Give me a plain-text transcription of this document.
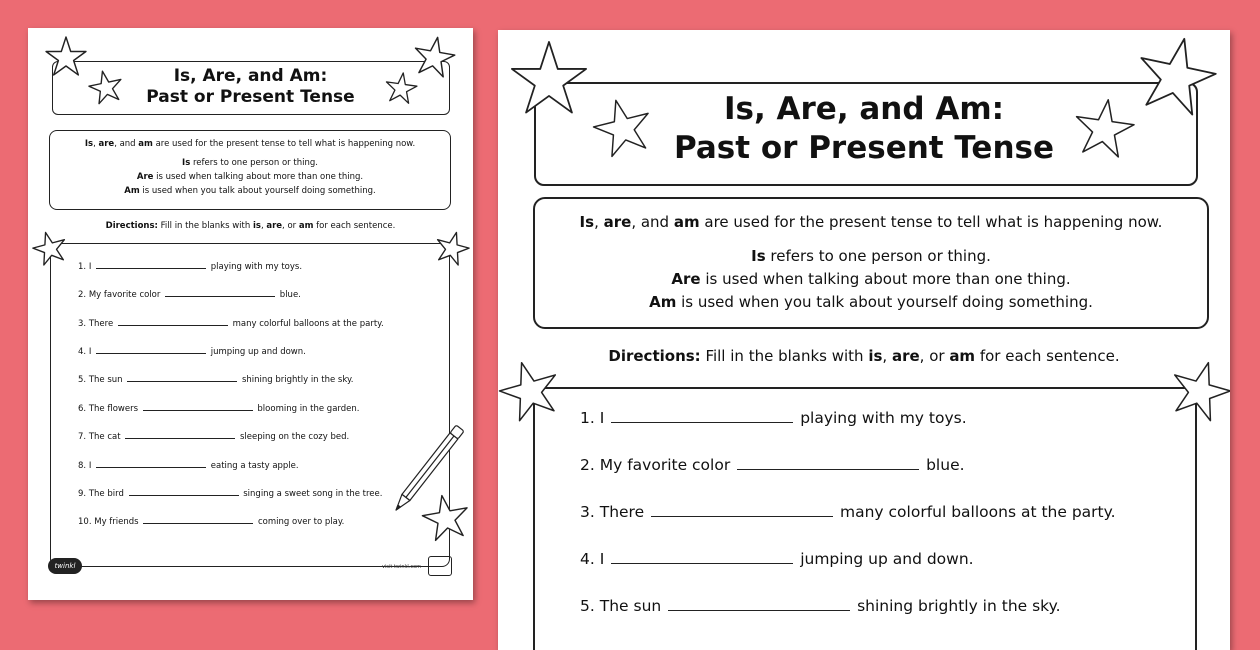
Is, Are, and Am:
Past or Present Tense
Is, are, and am are used for the present tense to tell what is happening now.
Is refers to one person or thing.
Are is used when talking about more than one thing.
Am is used when you talk about yourself doing something.
Directions: Fill in the blanks with is, are, or am for each sentence.
1. I	playing with my toys.
2. My favorite color	blue.
3. There	many colorful balloons at the party.
4. I	jumping up and down.
5. The sun	shining brightly in the sky.
6. The flowers	blooming in the garden.
7. The cat	sleeping on the cozy bed.
8. I	eating a tasty apple.
9. The bird	singing a sweet song in the tree.
10. My friends	coming over to play.
twinkl	visit twinkl.com
Is, Are, and Am:
Past or Present Tense
Is, are, and am are used for the present tense to tell what is happening now.
Is refers to one person or thing.
Are is used when talking about more than one thing.
Am is used when you talk about yourself doing something.
Directions: Fill in the blanks with is, are, or am for each sentence.
1. I	playing with my toys.
2. My favorite color	blue.
3. There	many colorful balloons at the party.
4. I	jumping up and down.
5. The sun	shining brightly in the sky.
